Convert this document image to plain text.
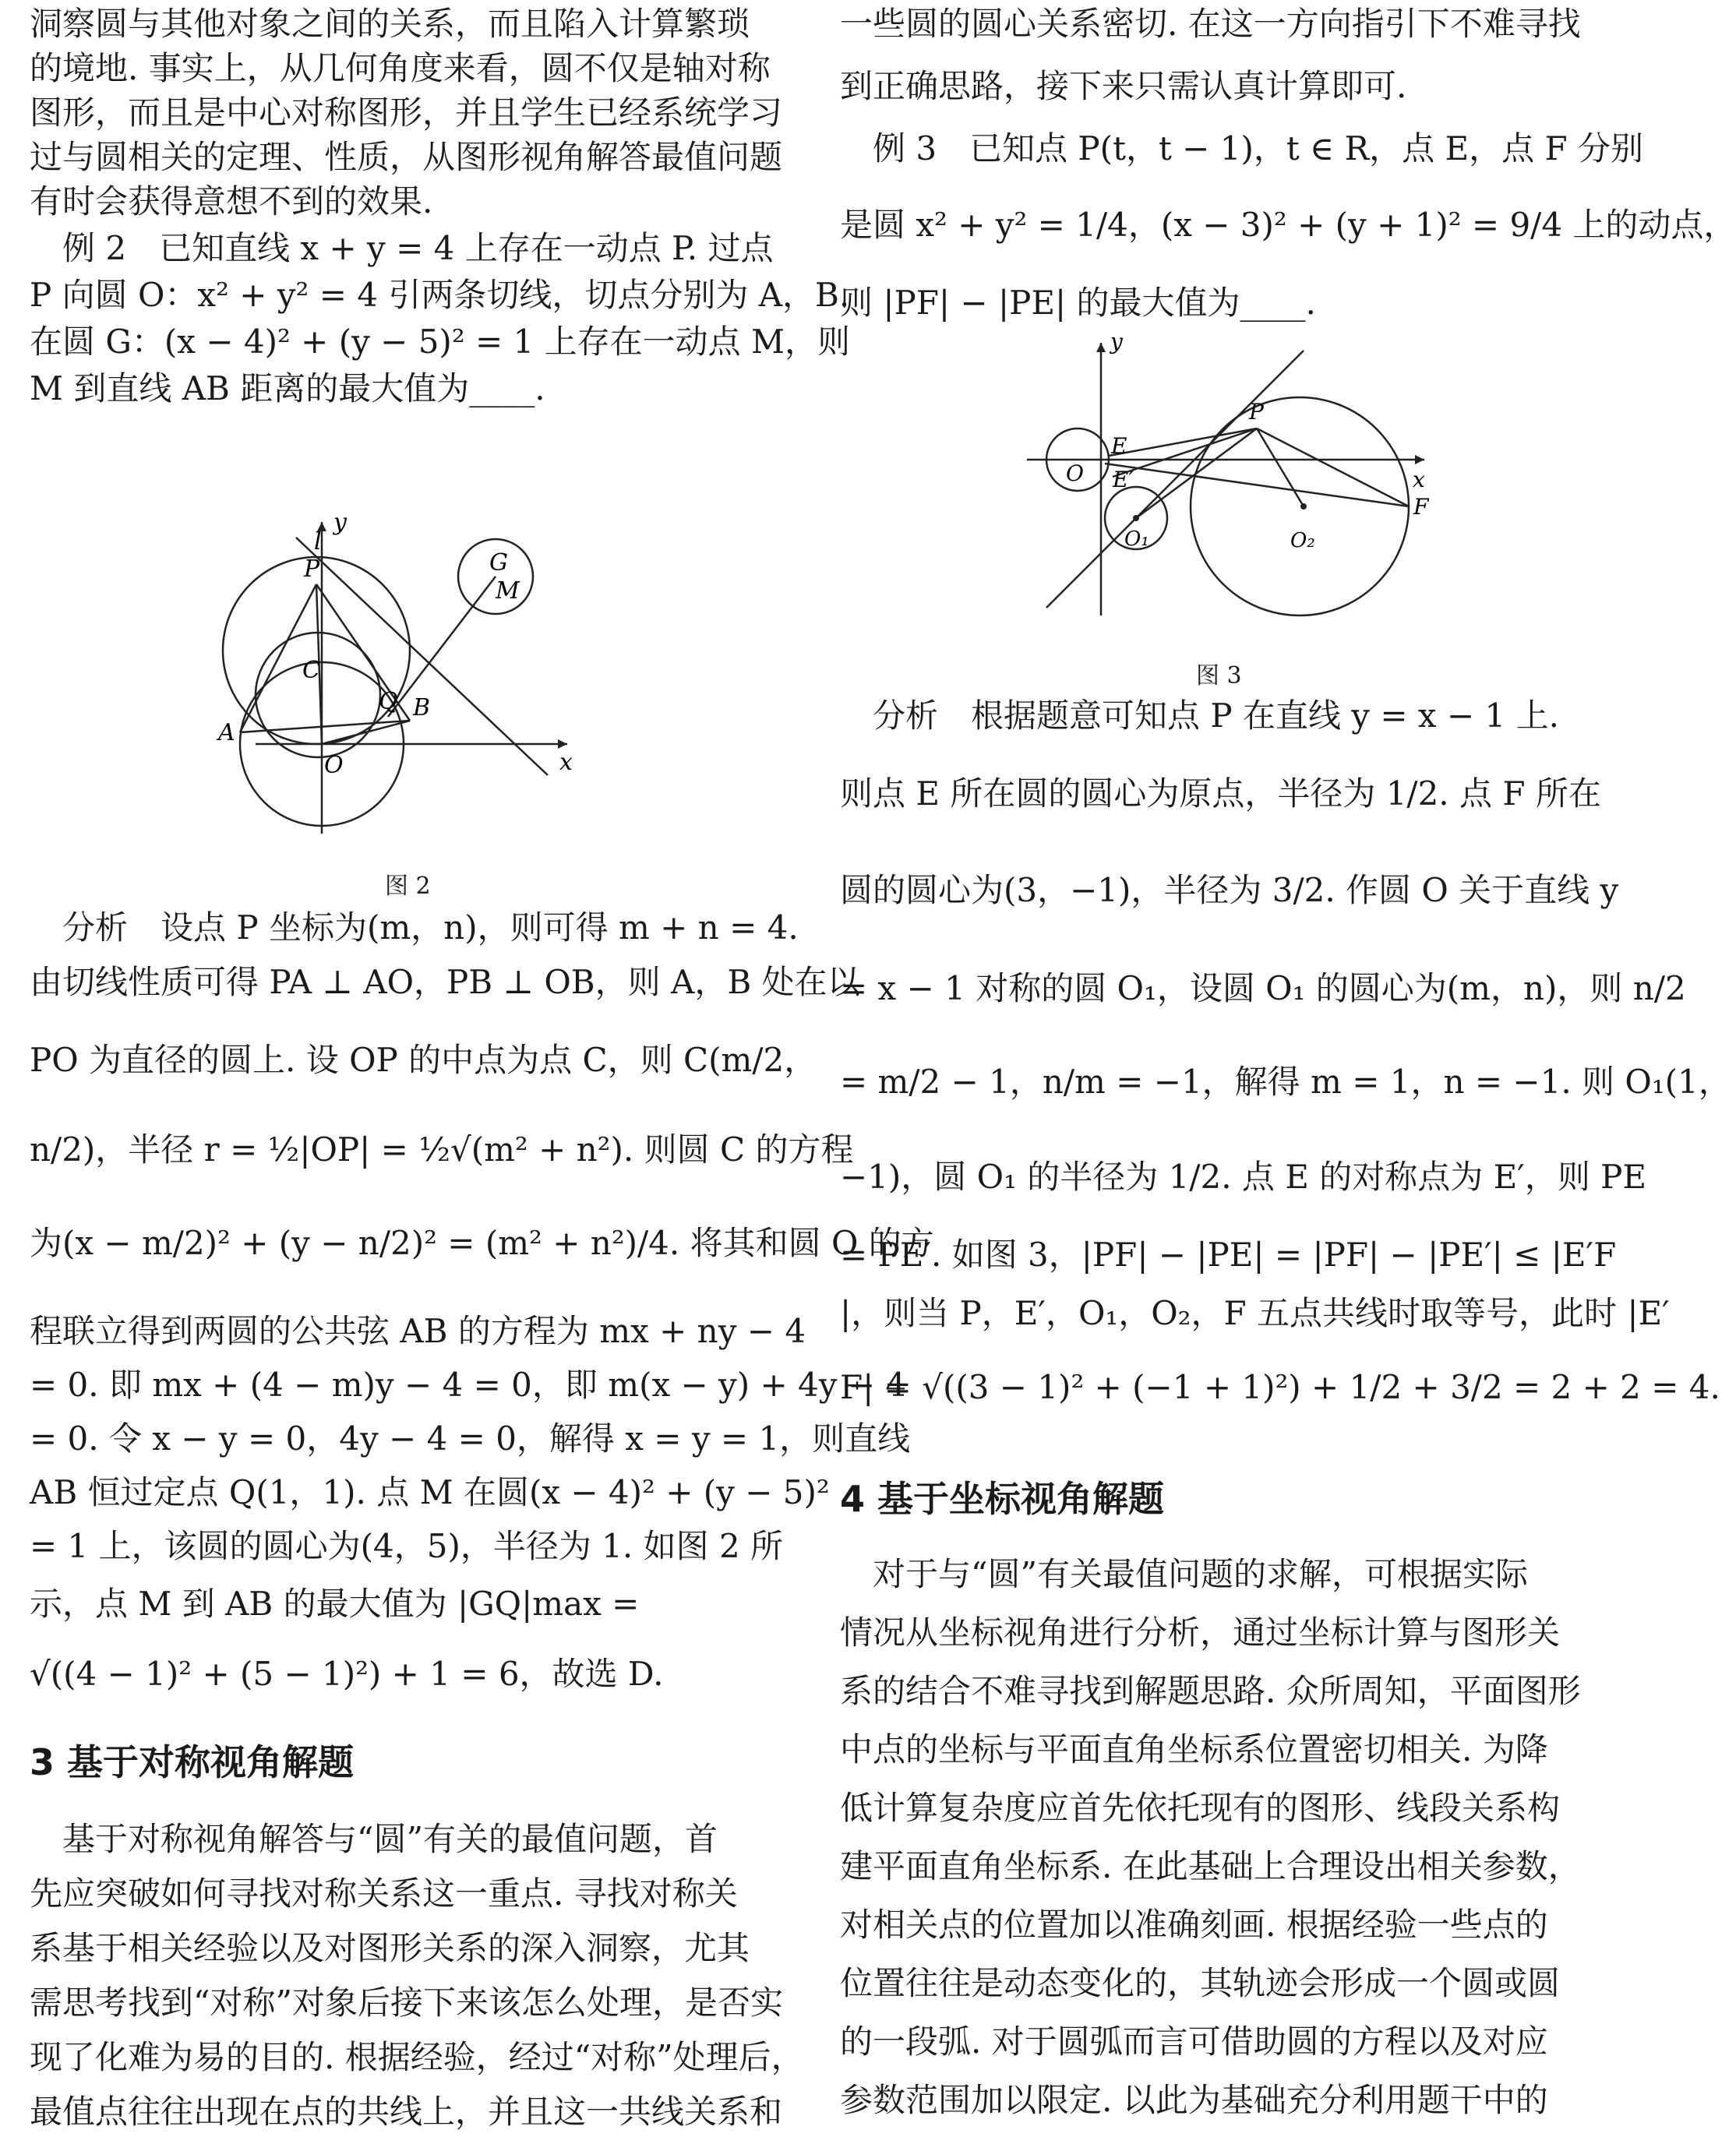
洞察圆与其他对象之间的关系，而且陷入计算繁琐
的境地. 事实上，从几何角度来看，圆不仅是轴对称
图形，而且是中心对称图形，并且学生已经系统学习
过与圆相关的定理、性质，从图形视角解答最值问题
有时会获得意想不到的效果.
　例 2　已知直线 x + y = 4 上存在一动点 P. 过点
P 向圆 O：x² + y² = 4 引两条切线，切点分别为 A，B.
在圆 G：(x − 4)² + (y − 5)² = 1 上存在一动点 M，则
M 到直线 AB 距离的最大值为____.
l
y
P	G
M
C
Q B
A
O	x
图 2
　分析　设点 P 坐标为(m，n)，则可得 m + n = 4.
由切线性质可得 PA ⊥ AO，PB ⊥ OB，则 A，B 处在以
PO 为直径的圆上. 设 OP 的中点为点 C，则 C(m/2，
n/2)，半径 r = ½|OP| = ½√(m² + n²). 则圆 C 的方程
为(x − m/2)² + (y − n/2)² = (m² + n²)/4. 将其和圆 O 的方
程联立得到两圆的公共弦 AB 的方程为 mx + ny − 4
= 0. 即 mx + (4 − m)y − 4 = 0，即 m(x − y) + 4y − 4
= 0. 令 x − y = 0，4y − 4 = 0，解得 x = y = 1，则直线
AB 恒过定点 Q(1，1). 点 M 在圆(x − 4)² + (y − 5)²
= 1 上，该圆的圆心为(4，5)，半径为 1. 如图 2 所
示，点 M 到 AB 的最大值为 |GQ|max =
√((4 − 1)² + (5 − 1)²) + 1 = 6，故选 D.
3 基于对称视角解题
　基于对称视角解答与“圆”有关的最值问题，首
先应突破如何寻找对称关系这一重点. 寻找对称关
系基于相关经验以及对图形关系的深入洞察，尤其
需思考找到“对称”对象后接下来该怎么处理，是否实
现了化难为易的目的. 根据经验，经过“对称”处理后，
最值点往往出现在点的共线上，并且这一共线关系和
一些圆的圆心关系密切. 在这一方向指引下不难寻找
到正确思路，接下来只需认真计算即可.
　例 3　已知点 P(t，t − 1)，t ∈ R，点 E，点 F 分别
是圆 x² + y² = 1/4，(x − 3)² + (y + 1)² = 9/4 上的动点，
则 |PF| − |PE| 的最大值为____.
y
P
E
E′
O	x
F
O₁	O₂
图 3
　分析　根据题意可知点 P 在直线 y = x − 1 上.
则点 E 所在圆的圆心为原点，半径为 1/2. 点 F 所在
圆的圆心为(3，−1)，半径为 3/2. 作圆 O 关于直线 y
= x − 1 对称的圆 O₁，设圆 O₁ 的圆心为(m，n)，则 n/2
= m/2 − 1，n/m = −1，解得 m = 1，n = −1. 则 O₁(1，
−1)，圆 O₁ 的半径为 1/2. 点 E 的对称点为 E′，则 PE
= PE′. 如图 3，|PF| − |PE| = |PF| − |PE′| ≤ |E′F
|，则当 P，E′，O₁，O₂，F 五点共线时取等号，此时 |E′
F| = √((3 − 1)² + (−1 + 1)²) + 1/2 + 3/2 = 2 + 2 = 4.
4 基于坐标视角解题
　对于与“圆”有关最值问题的求解，可根据实际
情况从坐标视角进行分析，通过坐标计算与图形关
系的结合不难寻找到解题思路. 众所周知，平面图形
中点的坐标与平面直角坐标系位置密切相关. 为降
低计算复杂度应首先依托现有的图形、线段关系构
建平面直角坐标系. 在此基础上合理设出相关参数，
对相关点的位置加以准确刻画. 根据经验一些点的
位置往往是动态变化的，其轨迹会形成一个圆或圆
的一段弧. 对于圆弧而言可借助圆的方程以及对应
参数范围加以限定. 以此为基础充分利用题干中的
